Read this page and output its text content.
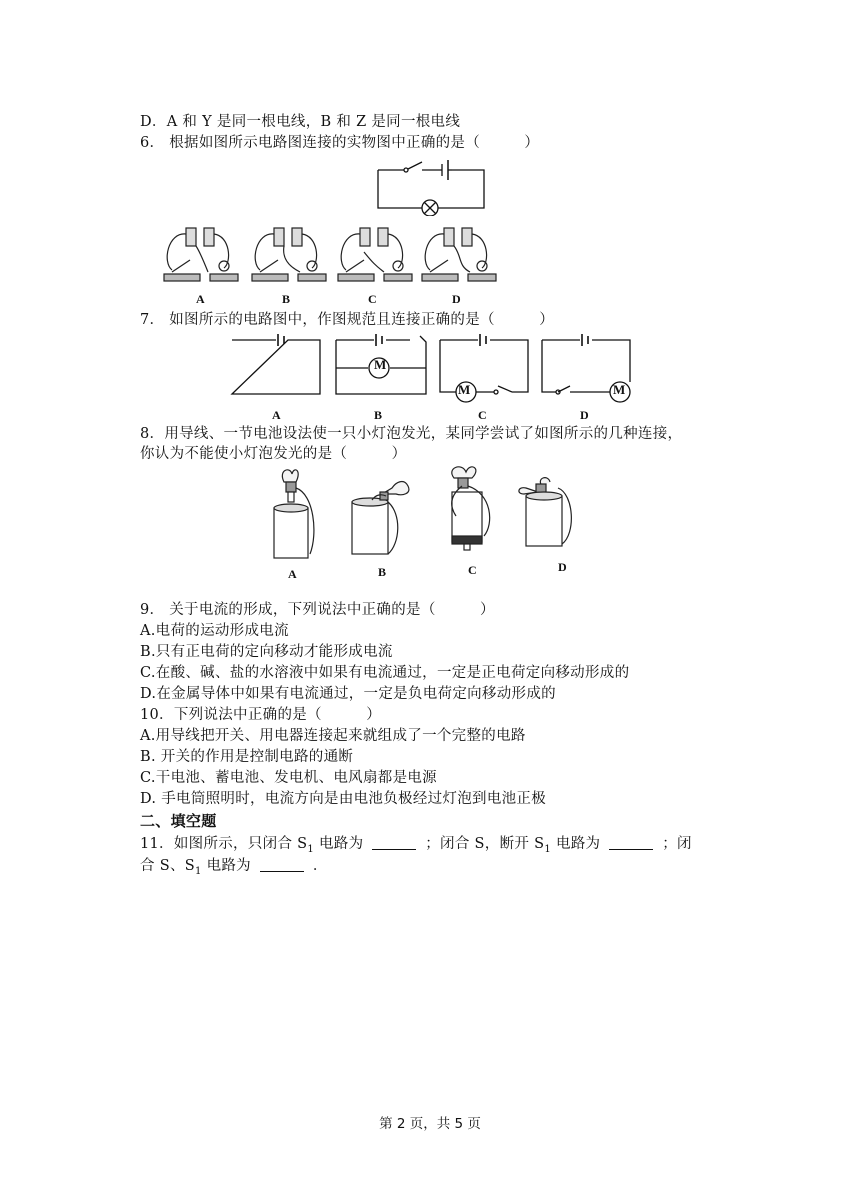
D．A 和 Y 是同一根电线，B 和 Z 是同一根电线
6． 根据如图所示电路图连接的实物图中正确的是（　　　）
A	B	C	D
7． 如图所示的电路图中，作图规范且连接正确的是（　　　）
M
M	M
A	B	C	D
8．用导线、一节电池设法使一只小灯泡发光，某同学尝试了如图所示的几种连接，
你认为不能使小灯泡发光的是（　　　）
A	B	C	D
9． 关于电流的形成，下列说法中正确的是（　　　）
A.电荷的运动形成电流
B.只有正电荷的定向移动才能形成电流
C.在酸、碱、盐的水溶液中如果有电流通过，一定是正电荷定向移动形成的
D.在金属导体中如果有电流通过，一定是负电荷定向移动形成的
10．下列说法中正确的是（　　　）
A.用导线把开关、用电器连接起来就组成了一个完整的电路
B. 开关的作用是控制电路的通断
C.干电池、蓄电池、发电机、电风扇都是电源
D. 手电筒照明时，电流方向是由电池负极经过灯泡到电池正极
二、填空题
11．如图所示，只闭合 $S_1$ 电路为	；闭合 S，断开 $S_1$ 电路为	；闭
合 S、$S_1$ 电路为	．
第 2 页，共 5 页
